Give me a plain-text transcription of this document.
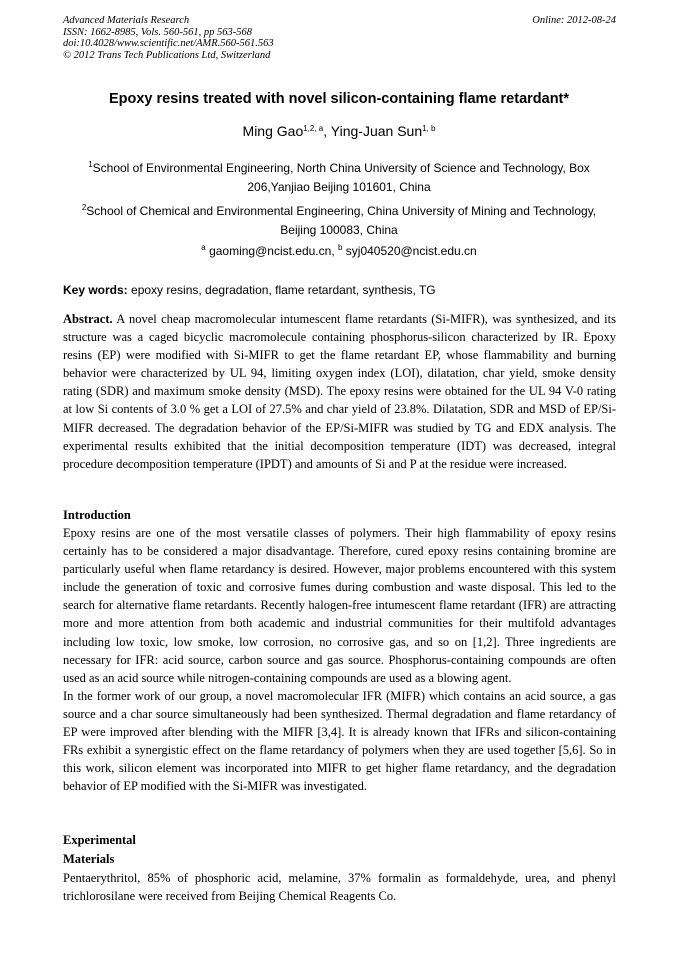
Advanced Materials Research
ISSN: 1662-8985, Vols. 560-561, pp 563-568
doi:10.4028/www.scientific.net/AMR.560-561.563
© 2012 Trans Tech Publications Ltd, Switzerland
Online: 2012-08-24
Epoxy resins treated with novel silicon-containing flame retardant*
Ming Gao$^{1,2, a}$, Ying-Juan Sun$^{1, b}$
$^1$School of Environmental Engineering, North China University of Science and Technology, Box
206,Yanjiao Beijing 101601, China
$^2$School of Chemical and Environmental Engineering, China University of Mining and Technology,
Beijing 100083, China
$^a$ gaoming@ncist.edu.cn, $^b$ syj040520@ncist.edu.cn
Key words: epoxy resins, degradation, flame retardant, synthesis, TG
Abstract. A novel cheap macromolecular intumescent flame retardants (Si-MIFR), was synthesized, and its structure was a caged bicyclic macromolecule containing phosphorus-silicon characterized by IR. Epoxy resins (EP) were modified with Si-MIFR to get the flame retardant EP, whose flammability and burning behavior were characterized by UL 94, limiting oxygen index (LOI), dilatation, char yield, smoke density rating (SDR) and maximum smoke density (MSD). The epoxy resins were obtained for the UL 94 V-0 rating at low Si contents of 3.0 % get a LOI of 27.5% and char yield of 23.8%. Dilatation, SDR and MSD of EP/Si-MIFR decreased. The degradation behavior of the EP/Si-MIFR was studied by TG and EDX analysis. The experimental results exhibited that the initial decomposition temperature (IDT) was decreased, integral procedure decomposition temperature (IPDT) and amounts of Si and P at the residue were increased.
Introduction

Epoxy resins are one of the most versatile classes of polymers. Their high flammability of epoxy resins certainly has to be considered a major disadvantage. Therefore, cured epoxy resins containing bromine are particularly useful when flame retardancy is desired. However, major problems encountered with this system include the generation of toxic and corrosive fumes during combustion and waste disposal. This led to the search for alternative flame retardants. Recently halogen-free intumescent flame retardant (IFR) are attracting more and more attention from both academic and industrial communities for their multifold advantages including low toxic, low smoke, low corrosion, no corrosive gas, and so on [1,2]. Three ingredients are necessary for IFR: acid source, carbon source and gas source. Phosphorus-containing compounds are often used as an acid source while nitrogen-containing compounds are used as a blowing agent.

In the former work of our group, a novel macromolecular IFR (MIFR) which contains an acid source, a gas source and a char source simultaneously had been synthesized. Thermal degradation and flame retardancy of EP were improved after blending with the MIFR [3,4]. It is already known that IFRs and silicon-containing FRs exhibit a synergistic effect on the flame retardancy of polymers when they are used together [5,6]. So in this work, silicon element was incorporated into MIFR to get higher flame retardancy, and the degradation behavior of EP modified with the Si-MIFR was investigated.

Experimental
Materials

Pentaerythritol, 85% of phosphoric acid, melamine, 37% formalin as formaldehyde, urea, and phenyl trichlorosilane were received from Beijing Chemical Reagents Co.
